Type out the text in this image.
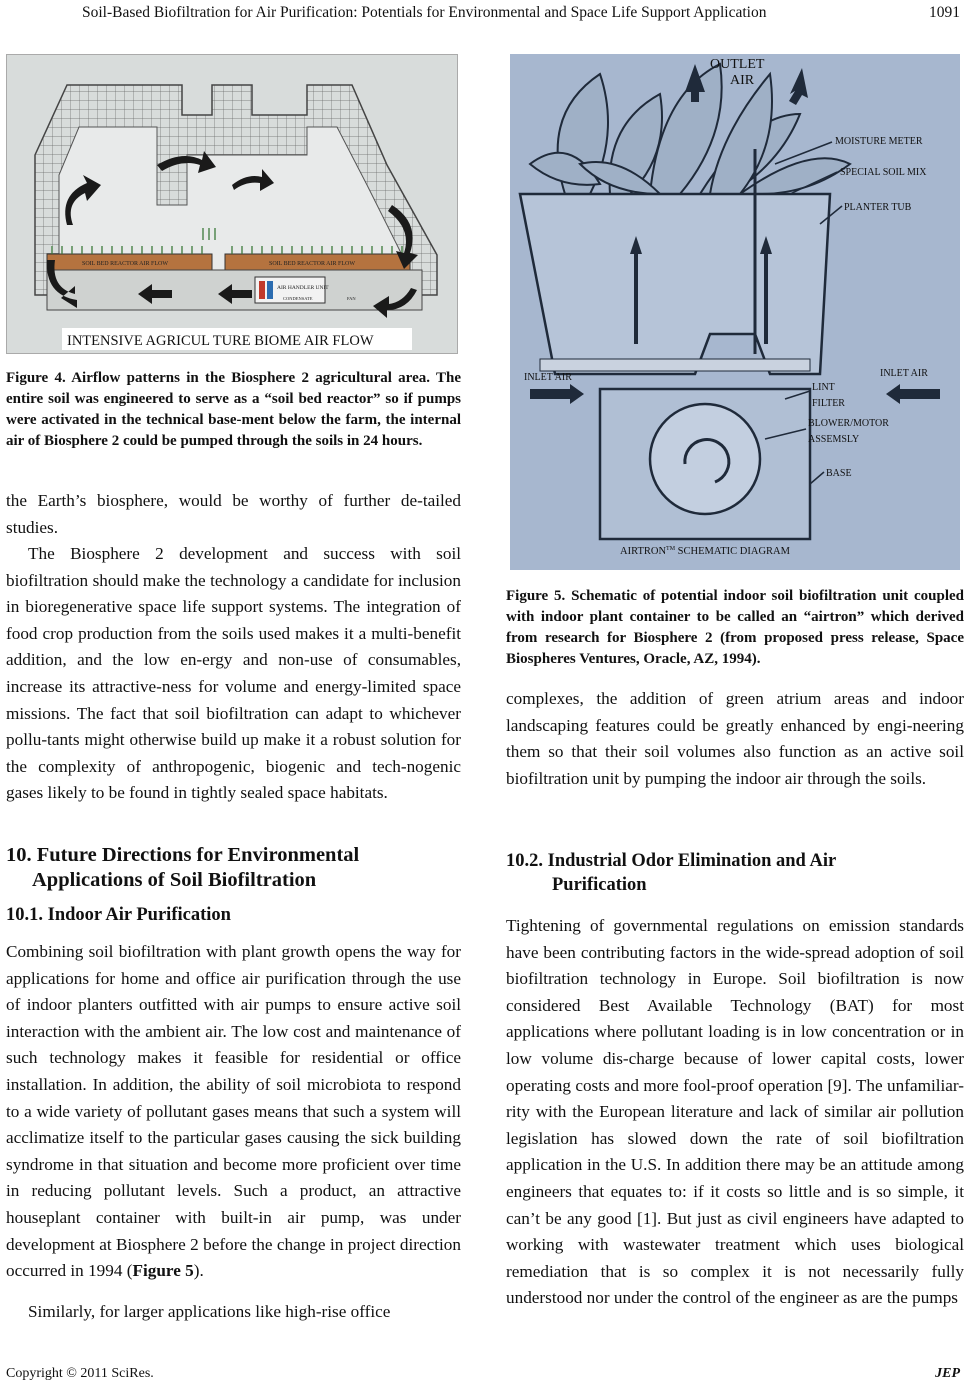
Soil-Based Biofiltration for Air Purification: Potentials for Environmental and Space Life Support Application	1091
SOIL BED REACTOR AIR FLOW	SOIL BED REACTOR AIR FLOW
AIR HANDLER UNIT
CONDENSATE	FAN
INTENSIVE AGRICUL TURE BIOME AIR FLOW
Figure 4. Airflow patterns in the Biosphere 2 agricultural area. The entire soil was engineered to serve as a “soil bed reactor” so if pumps were activated in the technical base-ment below the farm, the internal air of Biosphere 2 could be pumped through the soils in 24 hours.
OUTLET
AIR
MOISTURE METER
SPECIAL SOIL MIX
PLANTER TUB
INLET AIR	INLET AIR
LINT
FILTER
BLOWER/MOTOR
ASSEMSLY
BASE
AIRTRON™ SCHEMATIC DIAGRAM
Figure 5. Schematic of potential indoor soil biofiltration unit coupled with indoor plant container to be called an “airtron” which derived from research for Biosphere 2 (from proposed press release, Space Biospheres Ventures, Oracle, AZ, 1994).
the Earth’s biosphere, would be worthy of further de-tailed studies.
The Biosphere 2 development and success with soil biofiltration should make the technology a candidate for inclusion in bioregenerative space life support systems. The integration of food crop production from the soils used makes it a multi-benefit addition, and the low en-ergy and non-use of consumables, increase its attractive-ness for volume and energy-limited space missions. The fact that soil biofiltration can adapt to whichever pollu-tants might otherwise build up make it a robust solution for the complexity of anthropogenic, biogenic and tech-nogenic gases likely to be found in tightly sealed space habitats.
10. Future Directions for Environmental
Applications of Soil Biofiltration
10.1. Indoor Air Purification
Combining soil biofiltration with plant growth opens the way for applications for home and office air purification through the use of indoor planters outfitted with air pumps to ensure active soil interaction with the ambient air. The low cost and maintenance of such technology makes it feasible for residential or office installation. In addition, the ability of soil microbiota to respond to a wide variety of pollutant gases means that such a system will acclimatize itself to the particular gases causing the sick building syndrome in that situation and become more proficient over time in reducing pollutant levels. Such a product, an attractive houseplant container with built-in air pump, was under development at Biosphere 2 before the change in project direction occurred in 1994 (Figure 5).
Similarly, for larger applications like high-rise office
complexes, the addition of green atrium areas and indoor landscaping features could be greatly enhanced by engi-neering them so that their soil volumes also function as an active soil biofiltration unit by pumping the indoor air through the soils.
10.2. Industrial Odor Elimination and Air
Purification
Tightening of governmental regulations on emission standards have been contributing factors in the wide-spread adoption of soil biofiltration technology in Europe. Soil biofiltration is now considered Best Available Technology (BAT) for most applications where pollutant loading is in low concentration or in low volume dis-charge because of lower capital costs, lower operating costs and more fool-proof operation [9]. The unfamiliar-rity with the European literature and lack of similar air pollution legislation has slowed down the rate of soil biofiltration application in the U.S. In addition there may be an attitude among engineers that equates to: if it costs so little and is so simple, it can’t be any good [1]. But just as civil engineers have adapted to working with wastewater treatment which uses biological remediation that is so complex it is not necessarily fully understood nor under the control of the engineer as are the pumps
Copyright © 2011 SciRes.	JEP
